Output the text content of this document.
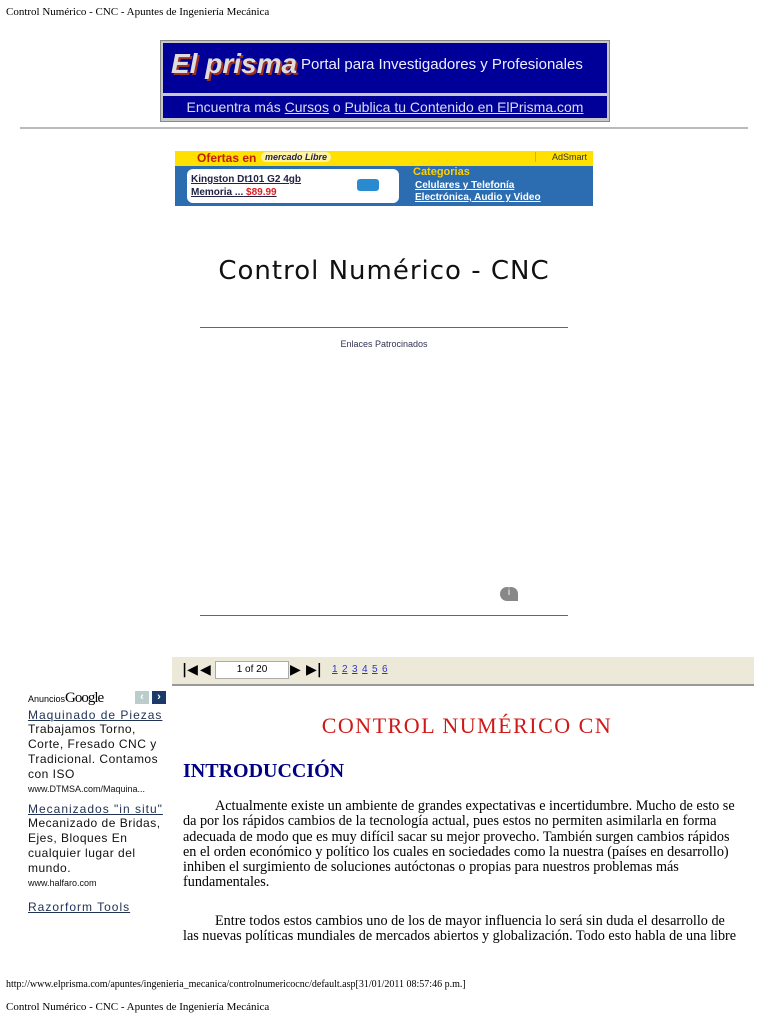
Control Numérico - CNC - Apuntes de Ingeniería Mecánica
El prisma Portal para Investigadores y Profesionales
Encuentra más Cursos o Publica tu Contenido en ElPrisma.com
Ofertas en mercado Libre	AdSmart
Kingston Dt101 G2 4gb
Memoria ... $89.99
Categorias
Celulares y Telefonía
Electrónica, Audio y Video
Control Numérico - CNC
Enlaces Patrocinados
i
|◀ ◀	1 of 20	▶ ▶| 1 2 3 4 5 6
AnunciosGoogle	‹	›
Maquinado de Piezas
Trabajamos Torno, Corte, Fresado CNC y Tradicional. Contamos con ISO
www.DTMSA.com/Maquina...
Mecanizados "in situ"
Mecanizado de Bridas, Ejes, Bloques En cualquier lugar del mundo.
www.halfaro.com
Razorform Tools
CONTROL NUMÉRICO CN
INTRODUCCIÓN
Actualmente existe un ambiente de grandes expectativas e incertidumbre. Mucho de esto se
da por los rápidos cambios de la tecnología actual, pues estos no permiten asimilarla en forma
adecuada de modo que es muy difícil sacar su mejor provecho. También surgen cambios rápidos
en el orden económico y político los cuales en sociedades como la nuestra (países en desarrollo)
inhiben el surgimiento de soluciones autóctonas o propias para nuestros problemas más
fundamentales.
Entre todos estos cambios uno de los de mayor influencia lo será sin duda el desarrollo de
las nuevas políticas mundiales de mercados abiertos y globalización. Todo esto habla de una libre
http://www.elprisma.com/apuntes/ingenieria_mecanica/controlnumericocnc/default.asp[31/01/2011 08:57:46 p.m.]
Control Numérico - CNC - Apuntes de Ingeniería Mecánica
